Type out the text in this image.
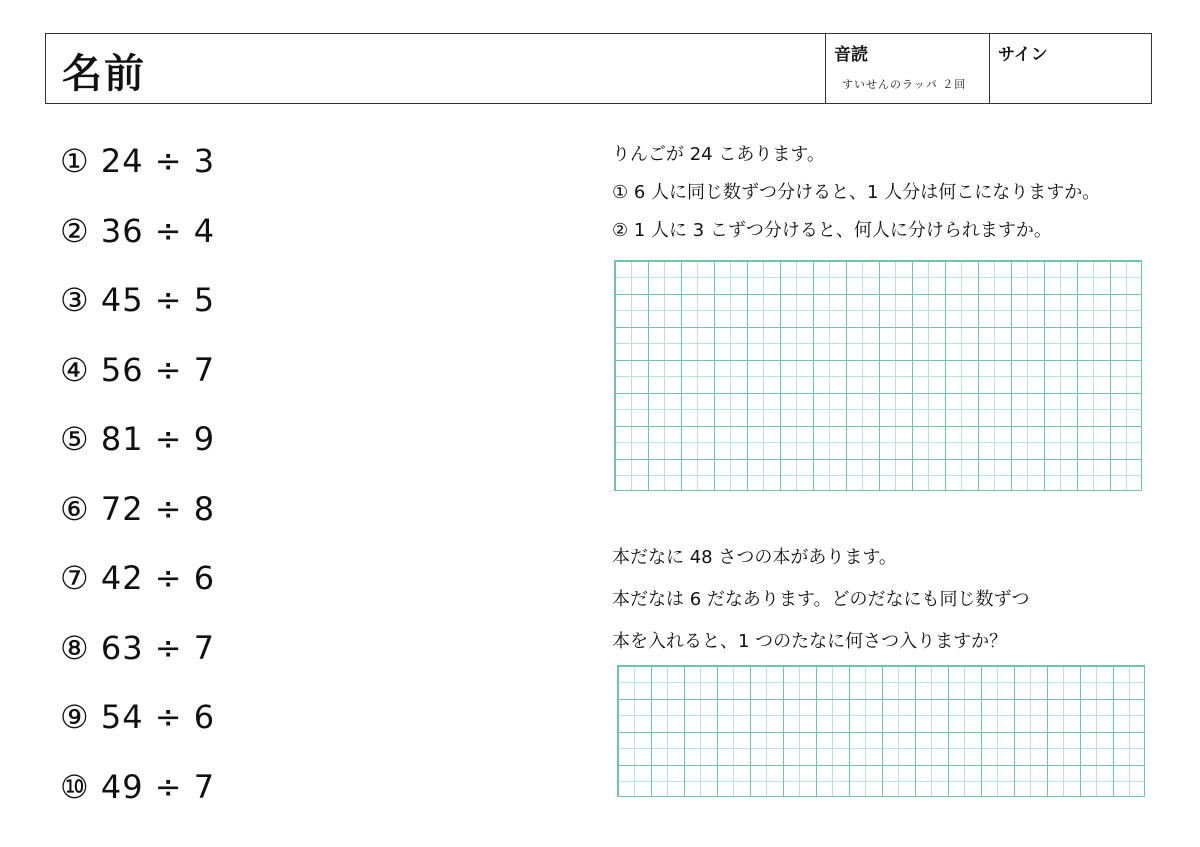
名前	音読
すいせんのラッパ ２回
サイン
① 24 ÷ 3
② 36 ÷ 4
③ 45 ÷ 5
④ 56 ÷ 7
⑤ 81 ÷ 9
⑥ 72 ÷ 8
⑦ 42 ÷ 6
⑧ 63 ÷ 7
⑨ 54 ÷ 6
⑩ 49 ÷ 7
りんごが 24 こあります。
① 6 人に同じ数ずつ分けると、1 人分は何こになりますか。
② 1 人に 3 こずつ分けると、何人に分けられますか。
本だなに 48 さつの本があります。
本だなは 6 だなあります。どのだなにも同じ数ずつ
本を入れると、1 つのたなに何さつ入りますか？
